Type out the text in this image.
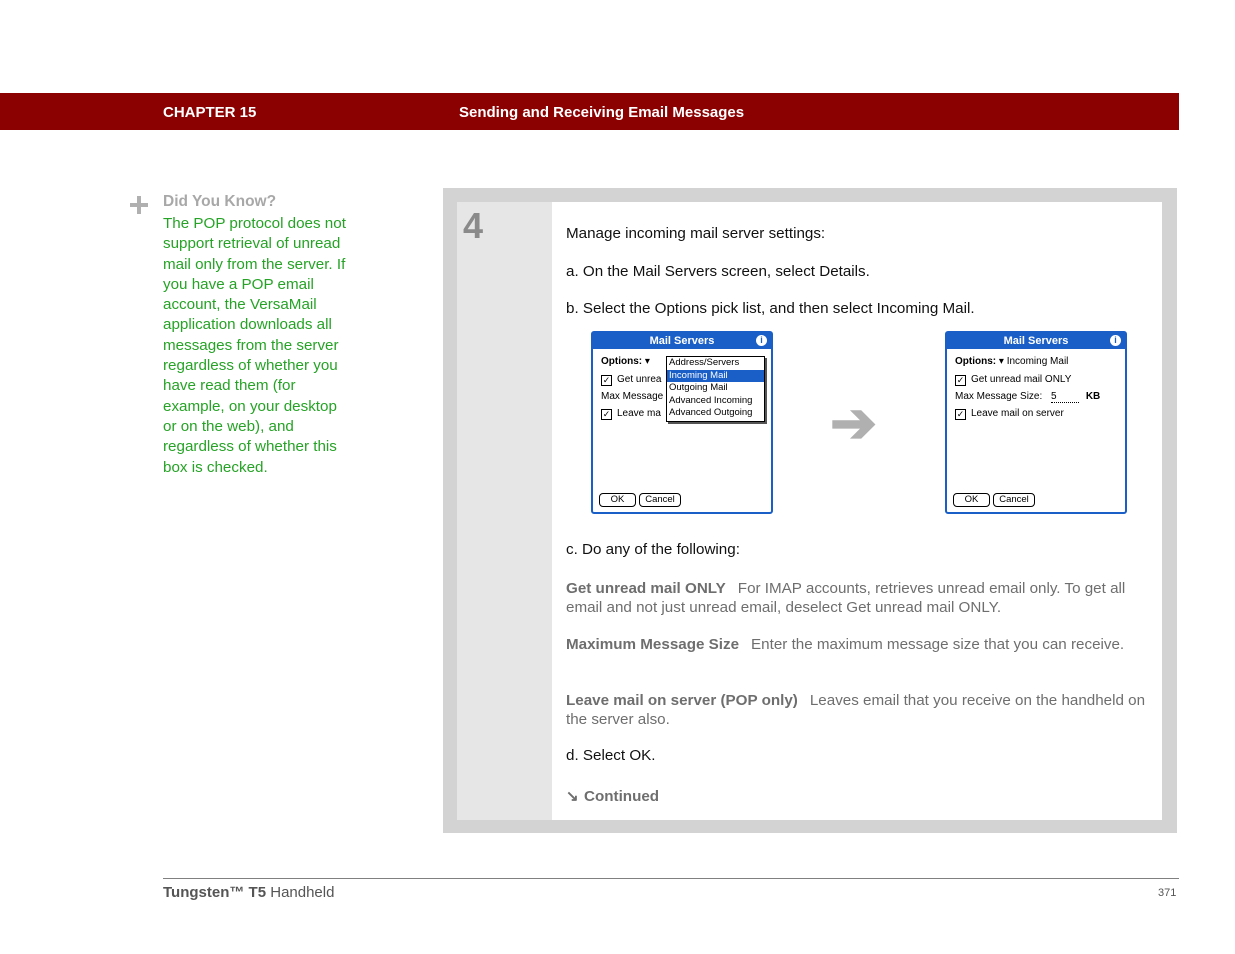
CHAPTER 15	Sending and Receiving Email Messages
Did You Know?
The POP protocol does not support retrieval of unread mail only from the server. If you have a POP email account, the VersaMail application downloads all messages from the server regardless of whether you have read them (for example, on your desktop or on the web), and regardless of whether this box is checked.
4	Manage incoming mail server settings:
a. On the Mail Servers screen, select Details.
b. Select the Options pick list, and then select Incoming Mail.
Mail Servers	i
Options: ▾
✓ Get unrea
Max Message
✓ Leave ma
Address/Servers
Incoming Mail
Outgoing Mail
Advanced Incoming
Advanced Outgoing
OK	Cancel
➔
Mail Servers	i
Options: ▾ Incoming Mail
✓ Get unread mail ONLY
Max Message Size: 5	KB
✓ Leave mail on server
OK	Cancel
c. Do any of the following:
Get unread mail ONLY For IMAP accounts, retrieves unread email only. To get all email and not just unread email, deselect Get unread mail ONLY.
Maximum Message Size Enter the maximum message size that you can receive.
Leave mail on server (POP only) Leaves email that you receive on the handheld on the server also.
d. Select OK.
↘ Continued
Tungsten™ T5 Handheld	371
